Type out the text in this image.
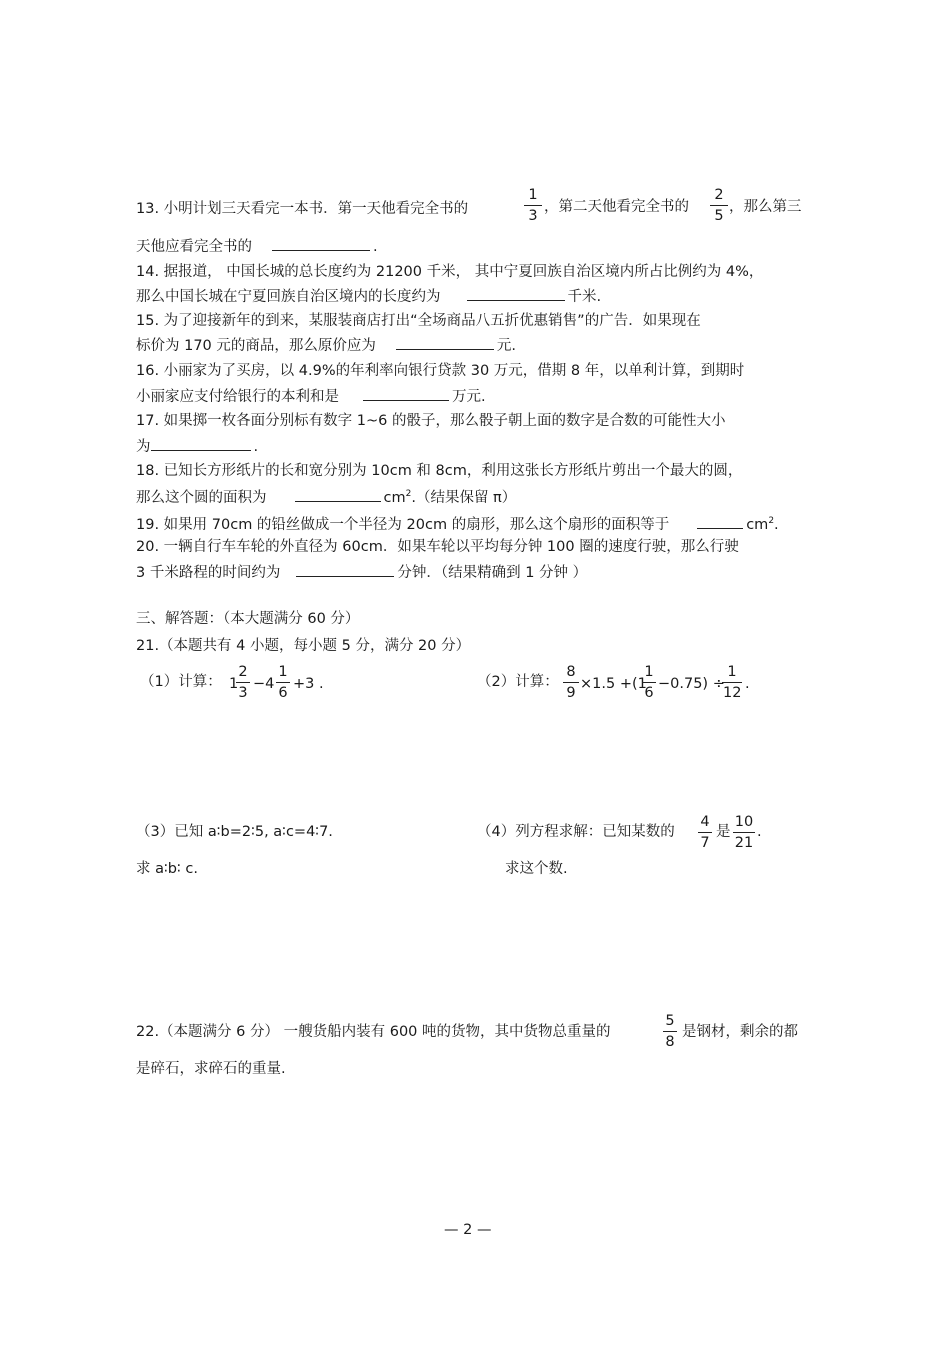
13. 小明计划三天看完一本书．第一天他看完全书的
1
3
，第二天他看完全书的
2
5
，那么第三
天他应看完全书的	.
14. 据报道， 中国长城的总长度约为 21200 千米， 其中宁夏回族自治区境内所占比例约为 4%，
那么中国长城在宁夏回族自治区境内的长度约为	千米.
15. 为了迎接新年的到来，某服装商店打出“全场商品八五折优惠销售”的广告．如果现在
标价为 170 元的商品，那么原价应为	元.
16. 小丽家为了买房，以 4.9%的年利率向银行贷款 30 万元，借期 8 年，以单利计算，到期时
小丽家应支付给银行的本利和是	万元.
17. 如果掷一枚各面分别标有数字 1~6 的骰子，那么骰子朝上面的数字是合数的可能性大小
为	.
18. 已知长方形纸片的长和宽分别为 10cm 和 8cm，利用这张长方形纸片剪出一个最大的圆，
那么这个圆的面积为	$cm^2$.（结果保留 π）
19. 如果用 70cm 的铅丝做成一个半径为 20cm 的扇形，那么这个扇形的面积等于	$cm^2$.
20. 一辆自行车车轮的外直径为 60cm．如果车轮以平均每分钟 100 圈的速度行驶，那么行驶
3 千米路程的时间约为	分钟．（结果精确到 1 分钟 ）
三、解答题：（本大题满分 60 分）
21.（本题共有 4 小题，每小题 5 分，满分 20 分）
（1）计算： 1
2
3
−4
1
6
+3 .	（2）计算：
8
9
×1.5 +(1
1
6
−0.75) ÷
1
12
.
（3）已知 a∶b=2∶5, a∶c=4∶7.
求 a∶b∶ c.
（4）列方程求解：已知某数的
4
7
是
10
21
.
求这个数.
22.（本题满分 6 分） 一艘货船内装有 600 吨的货物，其中货物总重量的
5
8
是钢材，剩余的都
是碎石，求碎石的重量.
— 2 —
